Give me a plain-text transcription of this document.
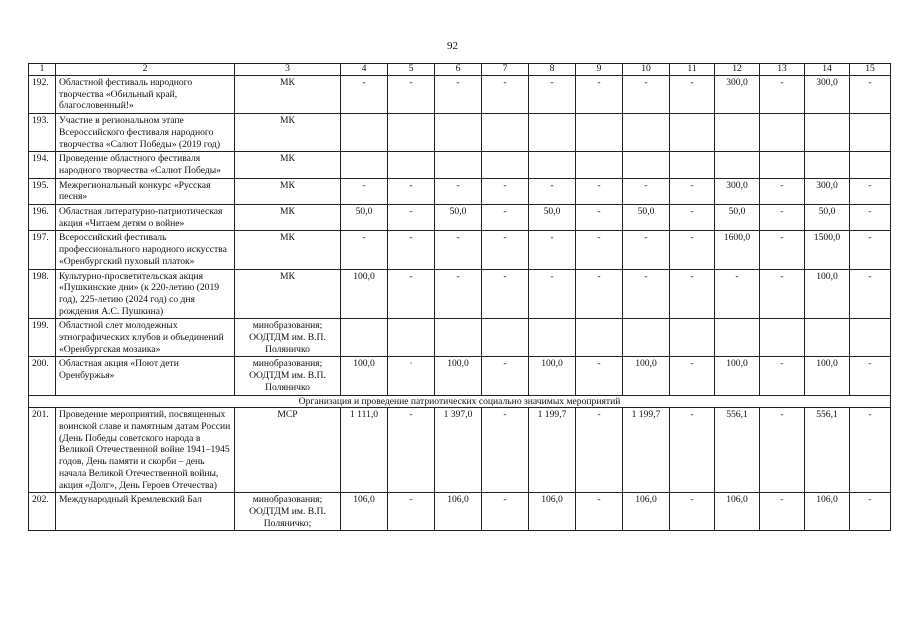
92
1	2	3	4	5	6	7	8	9	10	11	12	13	14	15
192.	Областной фестиваль народного творчества «Обильный край, благословенный!»	МК	-	-	-	-	-	-	-	-	300,0	-	300,0	-
193.	Участие в региональном этапе Всероссийского фестиваля народного творчества «Салют Победы» (2019 год)	МК												
194.	Проведение областного фестиваля народного творчества «Салют Победы»	МК												
195.	Межрегиональный конкурс «Русская песня»	МК	-	-	-	-	-	-	-	-	300,0	-	300,0	-
196.	Областная литературно-патриотическая акция «Читаем детям о войне»	МК	50,0	-	50,0	-	50,0	-	50,0	-	50,0	-	50,0	-
197.	Всероссийский фестиваль профессионального народного искусства «Оренбургский пуховый платок»	МК	-	-	-	-	-	-	-	-	1600,0	-	1500,0	-
198.	Культурно-просветительская акция «Пушкинские дни» (к 220-летию (2019 год), 225-летию (2024 год) со дня рождения А.С. Пушкина)	МК	100,0	-	-	-	-	-	-	-	-	-	100,0	-
199.	Областной слет молодежных этнографических клубов и объединений «Оренбургская мозаика»	минобразования; ООДТДМ им. В.П. Поляничко												
200.	Областная акция «Поют дети Оренбуржья»	минобразования; ООДТДМ им. В.П. Поляничко	100,0	·	100,0	-	100,0	-	100,0	-	100,0	-	100,0	-
Организация и проведение патриотических социально значимых мероприятий														
201.	Проведение мероприятий, посвященных воинской славе и памятным датам России (День Победы советского народа в Великой Отечественной войне 1941–1945 годов, День памяти и скорби – день начала Великой Отечественной войны, акция «Долг», День Героев Отечества)	МСР	1 111,0	-	1 397,0	-	1 199,7	-	1 199,7	-	556,1	-	556,1	-
202.	Международный Кремлевский Бал	минобразования; ООДТДМ им. В.П. Поляничко;	106,0	-	106,0	-	106,0	-	106,0	-	106,0	-	106,0	-
